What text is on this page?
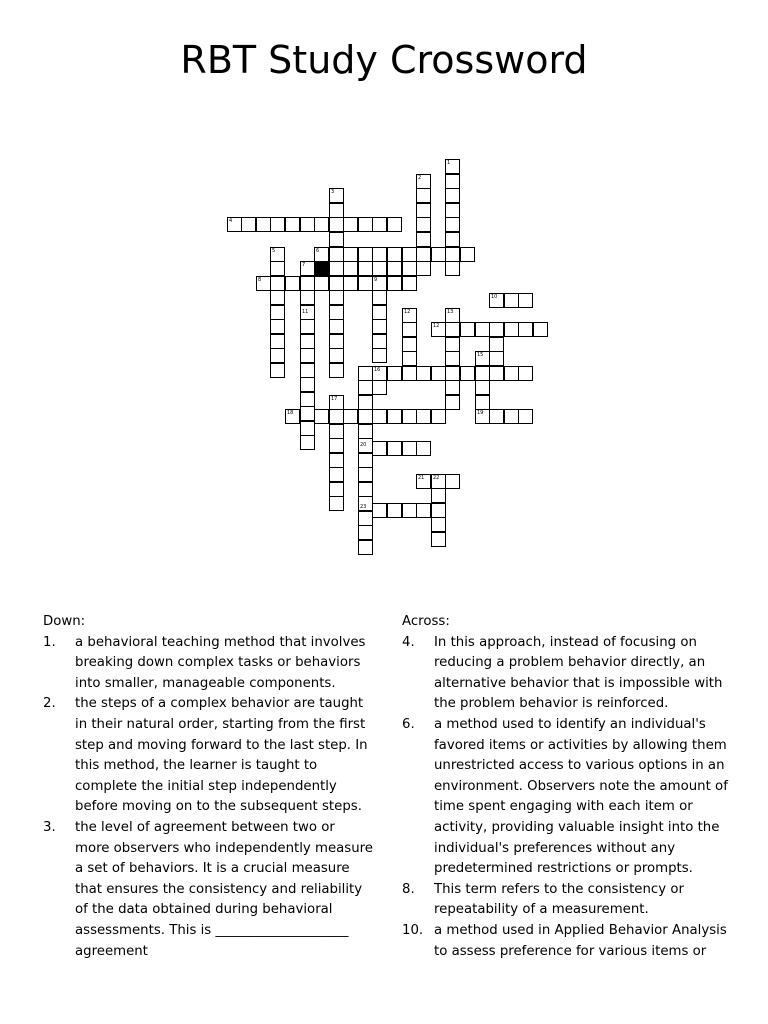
RBT Study Crossword
1
2
3
4
5	6
7
8	9
10
11	12	13
12
15
16
17
18	19
20
21 22
23

Down:

1. a behavioral teaching method that involves breaking down complex tasks or behaviors into smaller, manageable components.

2. the steps of a complex behavior are taught in their natural order, starting from the first step and moving forward to the last step. In this method, the learner is taught to complete the initial step independently before moving on to the subsequent steps.

3. the level of agreement between two or more observers who independently measure a set of behaviors. It is a crucial measure that ensures the consistency and reliability of the data obtained during behavioral assessments. This is ____________________ agreement

Across:

4. In this approach, instead of focusing on reducing a problem behavior directly, an alternative behavior that is impossible with the problem behavior is reinforced.

6. a method used to identify an individual's favored items or activities by allowing them unrestricted access to various options in an environment. Observers note the amount of time spent engaging with each item or activity, providing valuable insight into the individual's preferences without any predetermined restrictions or prompts.

8. This term refers to the consistency or repeatability of a measurement.

10. a method used in Applied Behavior Analysis to assess preference for various items or
